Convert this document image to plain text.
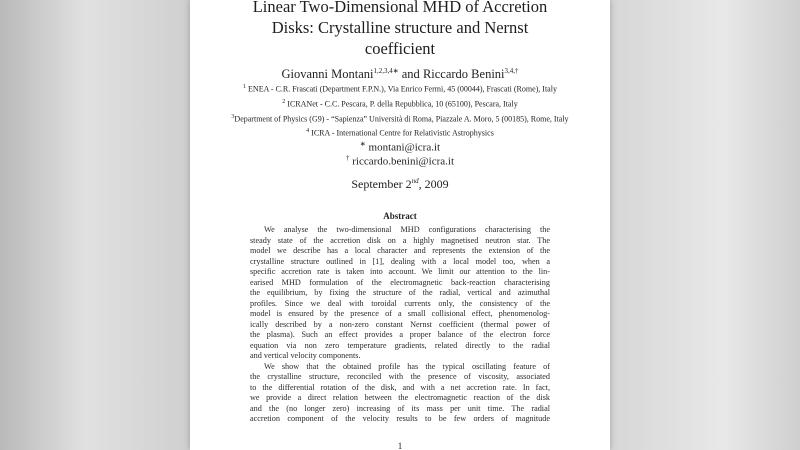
Linear Two-Dimensional MHD of Accretion
Disks: Crystalline structure and Nernst
coefficient
Giovanni Montani$^{1,2,3,4∗}$ and Riccardo Benini$^{3,4,\dagger}$
$^1$ ENEA - C.R. Frascati (Department F.P.N.), Via Enrico Fermi, 45 (00044), Frascati (Rome), Italy
$^2$ ICRANet - C.C. Pescara, P. della Repubblica, 10 (65100), Pescara, Italy
$^3$Department of Physics (G9) - “Sapienza” Università di Roma, Piazzale A. Moro, 5 (00185), Rome, Italy
$^4$ ICRA - International Centre for Relativistic Astrophysics
∗ montani@icra.it
† riccardo.benini@icra.it
September 2nd, 2009
Abstract
We analyse the two-dimensional MHD configurations characterising the
steady state of the accretion disk on a highly magnetised neutron star. The
model we describe has a local character and represents the extension of the
crystalline structure outlined in [1], dealing with a local model too, when a
specific accretion rate is taken into account. We limit our attention to the lin-
earised MHD formulation of the electromagnetic back-reaction characterising
the equilibrium, by fixing the structure of the radial, vertical and azimuthal
profiles. Since we deal with toroidal currents only, the consistency of the
model is ensured by the presence of a small collisional effect, phenomenolog-
ically described by a non-zero constant Nernst coefficient (thermal power of
the plasma). Such an effect provides a proper balance of the electron force
equation via non zero temperature gradients, related directly to the radial
and vertical velocity components.
We show that the obtained profile has the typical oscillating feature of
the crystalline structure, reconciled with the presence of viscosity, associated
to the differential rotation of the disk, and with a net accretion rate. In fact,
we provide a direct relation between the electromagnetic reaction of the disk
and the (no longer zero) increasing of its mass per unit time. The radial
accretion component of the velocity results to be few orders of magnitude
1
